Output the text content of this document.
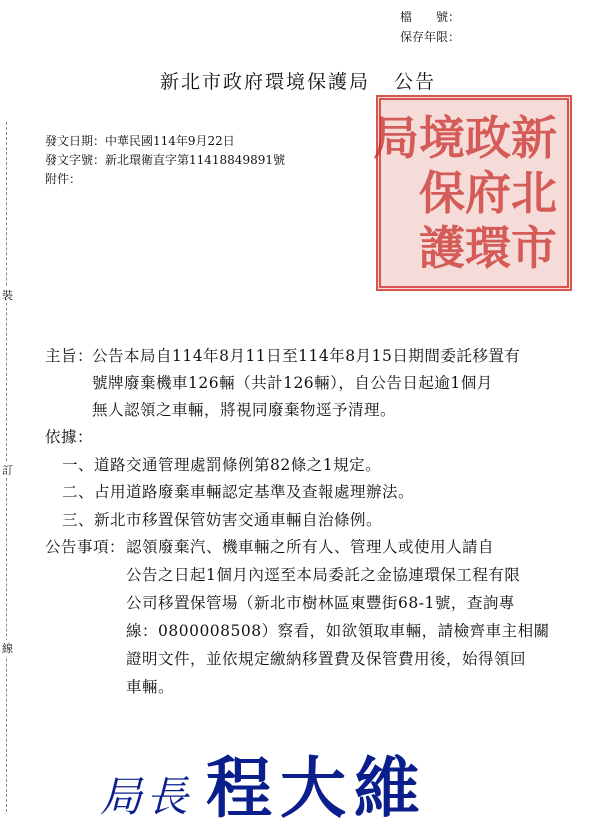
檔　　號：
保存年限：
新北市政府環境保護局 公告
裝
訂
線
發文日期：中華民國114年9月22日
發文字號：新北環衛直字第11418849891號
附件：
新
北
市
政
府
環
境
保
護
局
主旨：
公告本局自114年8月11日至114年8月15日期間委託移置有
號牌廢棄機車126輛（共計126輛），自公告日起逾1個月
無人認領之車輛，將視同廢棄物逕予清理。
依據：
一、道路交通管理處罰條例第82條之1規定。
二、占用道路廢棄車輛認定基準及查報處理辦法。
三、新北市移置保管妨害交通車輛自治條例。
公告事項： 認領廢棄汽、機車輛之所有人、管理人或使用人請自
公告之日起1個月內逕至本局委託之金協連環保工程有限
公司移置保管場（新北市樹林區東豐街68-1號，查詢專
線：0800008508）察看，如欲領取車輛，請檢齊車主相關
證明文件，並依規定繳納移置費及保管費用後，始得領回
車輛。
局長 程大維
